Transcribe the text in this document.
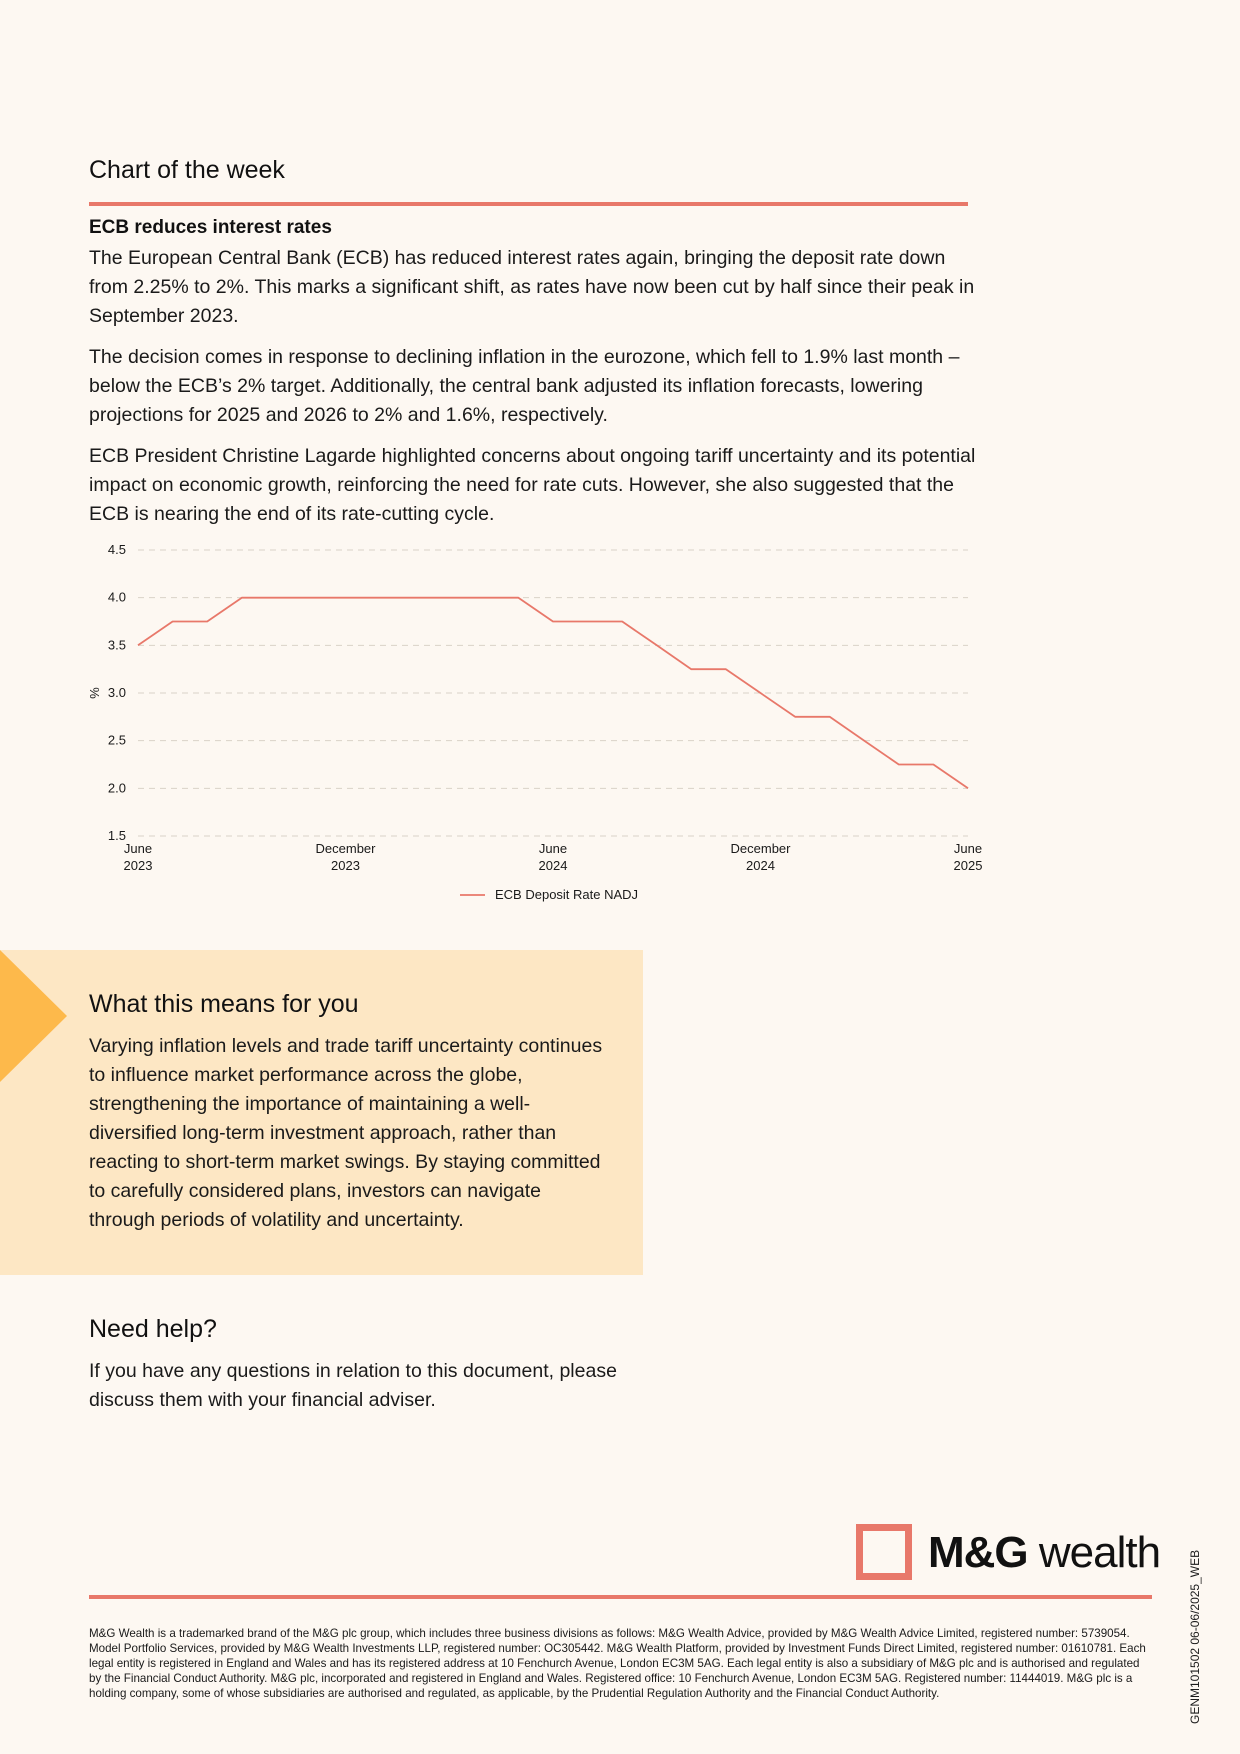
Chart of the week
ECB reduces interest rates

The European Central Bank (ECB) has reduced interest rates again, bringing the deposit rate down from 2.25% to 2%. This marks a significant shift, as rates have now been cut by half since their peak in September 2023.

The decision comes in response to declining inflation in the eurozone, which fell to 1.9% last month – below the ECB’s 2% target. Additionally, the central bank adjusted its inflation forecasts, lowering projections for 2025 and 2026 to 2% and 1.6%, respectively.

ECB President Christine Lagarde highlighted concerns about ongoing tariff uncertainty and its potential impact on economic growth, reinforcing the need for rate cuts. However, she also suggested that the ECB is nearing the end of its rate-cutting cycle.

4.5
4.0
3.5
3.0
2.5
2.0
1.5
%
June
2023
December
2023
June
2024
December
2024
June
2025
ECB Deposit Rate NADJ
What this means for you

Varying inflation levels and trade tariff uncertainty continues to influence market performance across the globe, strengthening the importance of maintaining a well-diversified long-term investment approach, rather than reacting to short-term market swings. By staying committed to carefully considered plans, investors can navigate through periods of volatility and uncertainty.

Need help?

If you have any questions in relation to this document, please discuss them with your financial adviser.

M&G wealth

M&G Wealth is a trademarked brand of the M&G plc group, which includes three business divisions as follows: M&G Wealth Advice, provided by M&G Wealth Advice Limited, registered number: 5739054. Model Portfolio Services, provided by M&G Wealth Investments LLP, registered number: OC305442. M&G Wealth Platform, provided by Investment Funds Direct Limited, registered number: 01610781. Each legal entity is registered in England and Wales and has its registered address at 10 Fenchurch Avenue, London EC3M 5AG. Each legal entity is also a subsidiary of M&G plc and is authorised and regulated by the Financial Conduct Authority. M&G plc, incorporated and registered in England and Wales. Registered office: 10 Fenchurch Avenue, London EC3M 5AG. Registered number: 11444019. M&G plc is a holding company, some of whose subsidiaries are authorised and regulated, as applicable, by the Prudential Regulation Authority and the Financial Conduct Authority.	GENM101502 06-06/2025_WEB
